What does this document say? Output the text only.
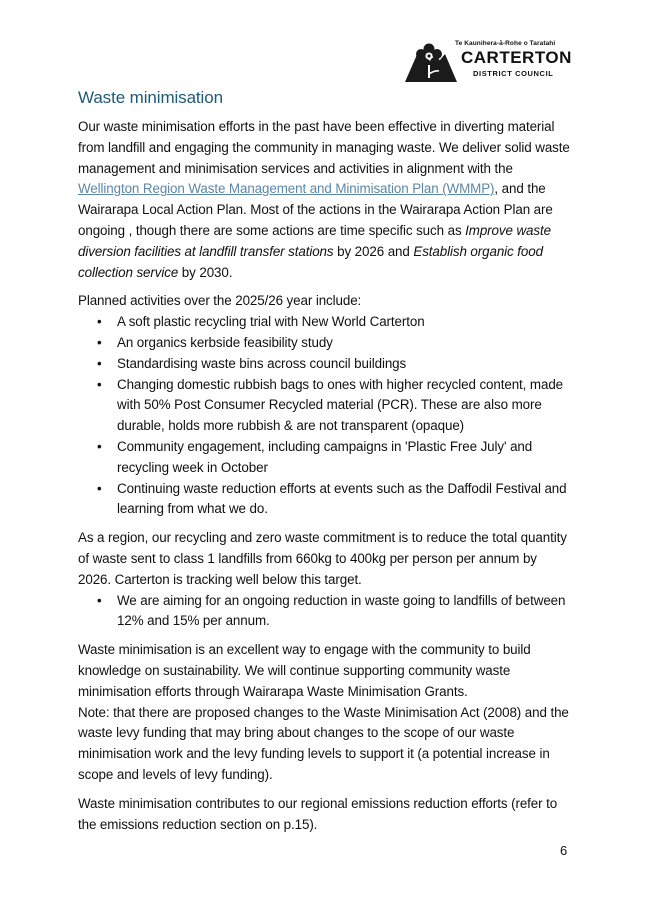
Te Kaunihera-ā-Rohe o Taratahi
CARTERTON
DISTRICT COUNCIL
Waste minimisation

Our waste minimisation efforts in the past have been effective in diverting material from landfill and engaging the community in managing waste. We deliver solid waste management and minimisation services and activities in alignment with the Wellington Region Waste Management and Minimisation Plan (WMMP), and the Wairarapa Local Action Plan. Most of the actions in the Wairarapa Action Plan are ongoing , though there are some actions are time specific such as Improve waste diversion facilities at landfill transfer stations by 2026 and Establish organic food collection service by 2030.

Planned activities over the 2025/26 year include:

• A soft plastic recycling trial with New World Carterton
• An organics kerbside feasibility study
• Standardising waste bins across council buildings
• Changing domestic rubbish bags to ones with higher recycled content, made with 50% Post Consumer Recycled material (PCR). These are also more durable, holds more rubbish & are not transparent (opaque)
• Community engagement, including campaigns in 'Plastic Free July' and recycling week in October
• Continuing waste reduction efforts at events such as the Daffodil Festival and learning from what we do.

As a region, our recycling and zero waste commitment is to reduce the total quantity of waste sent to class 1 landfills from 660kg to 400kg per person per annum by 2026. Carterton is tracking well below this target.

• We are aiming for an ongoing reduction in waste going to landfills of between 12% and 15% per annum.

Waste minimisation is an excellent way to engage with the community to build knowledge on sustainability. We will continue supporting community waste minimisation efforts through Wairarapa Waste Minimisation Grants.

Note: that there are proposed changes to the Waste Minimisation Act (2008) and the waste levy funding that may bring about changes to the scope of our waste minimisation work and the levy funding levels to support it (a potential increase in scope and levels of levy funding).

Waste minimisation contributes to our regional emissions reduction efforts (refer to the emissions reduction section on p.15).

6
